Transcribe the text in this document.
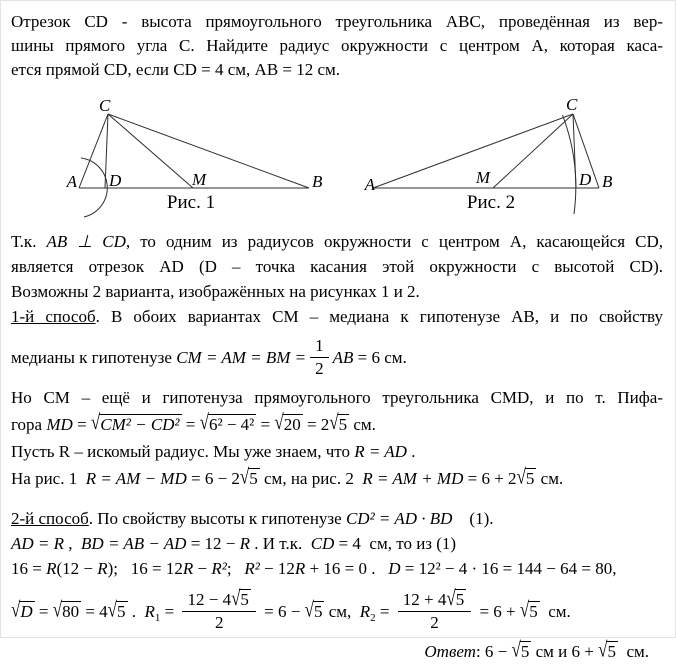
Отрезок CD - высота прямоугольного треугольника ABC, проведённая из вер-
шины прямого угла C. Найдите радиус окружности с центром A, которая каса-
ется прямой CD, если CD = 4 см, AB = 12 см.
A
C
D	M	B
Рис. 1
A
C
D
M	B
Рис. 2
Т.к. AB ⊥ CD, то одним из радиусов окружности с центром A, касающейся CD,
является отрезок AD (D – точка касания этой окружности с высотой CD).
Возможны 2 варианта, изображённых на рисунках 1 и 2.
1-й способ. В обоих вариантах CM – медиана к гипотенузе AB, и по свойству
медианы к гипотенузе CM = AM = BM = $\frac{1}{2}$ AB = 6 см.
Но CM – ещё и гипотенуза прямоугольного треугольника CMD, и по т. Пифа-
гора MD = √CM² − CD² = √6² − 4² = √20 = 2√5 см.
Пусть R – искомый радиус. Мы уже знаем, что R = AD .
На рис. 1  R = AM − MD = 6 − 2√5 см, на рис. 2  R = AM + MD = 6 + 2√5 см.
2-й способ. По свойству высоты к гипотенузе CD² = AD · BD    (1).
AD = R ,  BD = AB − AD = 12 − R . И т.к.  CD = 4  см, то из (1)
16 = R(12 − R);   16 = 12R − R²;   R² − 12R + 16 = 0 .   D = 12² − 4 · 16 = 144 − 64 = 80,
√D = √80 = 4√5 .  $R_1 = \frac{12 - 4√5}{2} = 6 - √5$ см,  $R_2 = \frac{12 + 4√5}{2} = 6 + √5$  см.
Ответ: 6 − √5 см и 6 + √5  см.
